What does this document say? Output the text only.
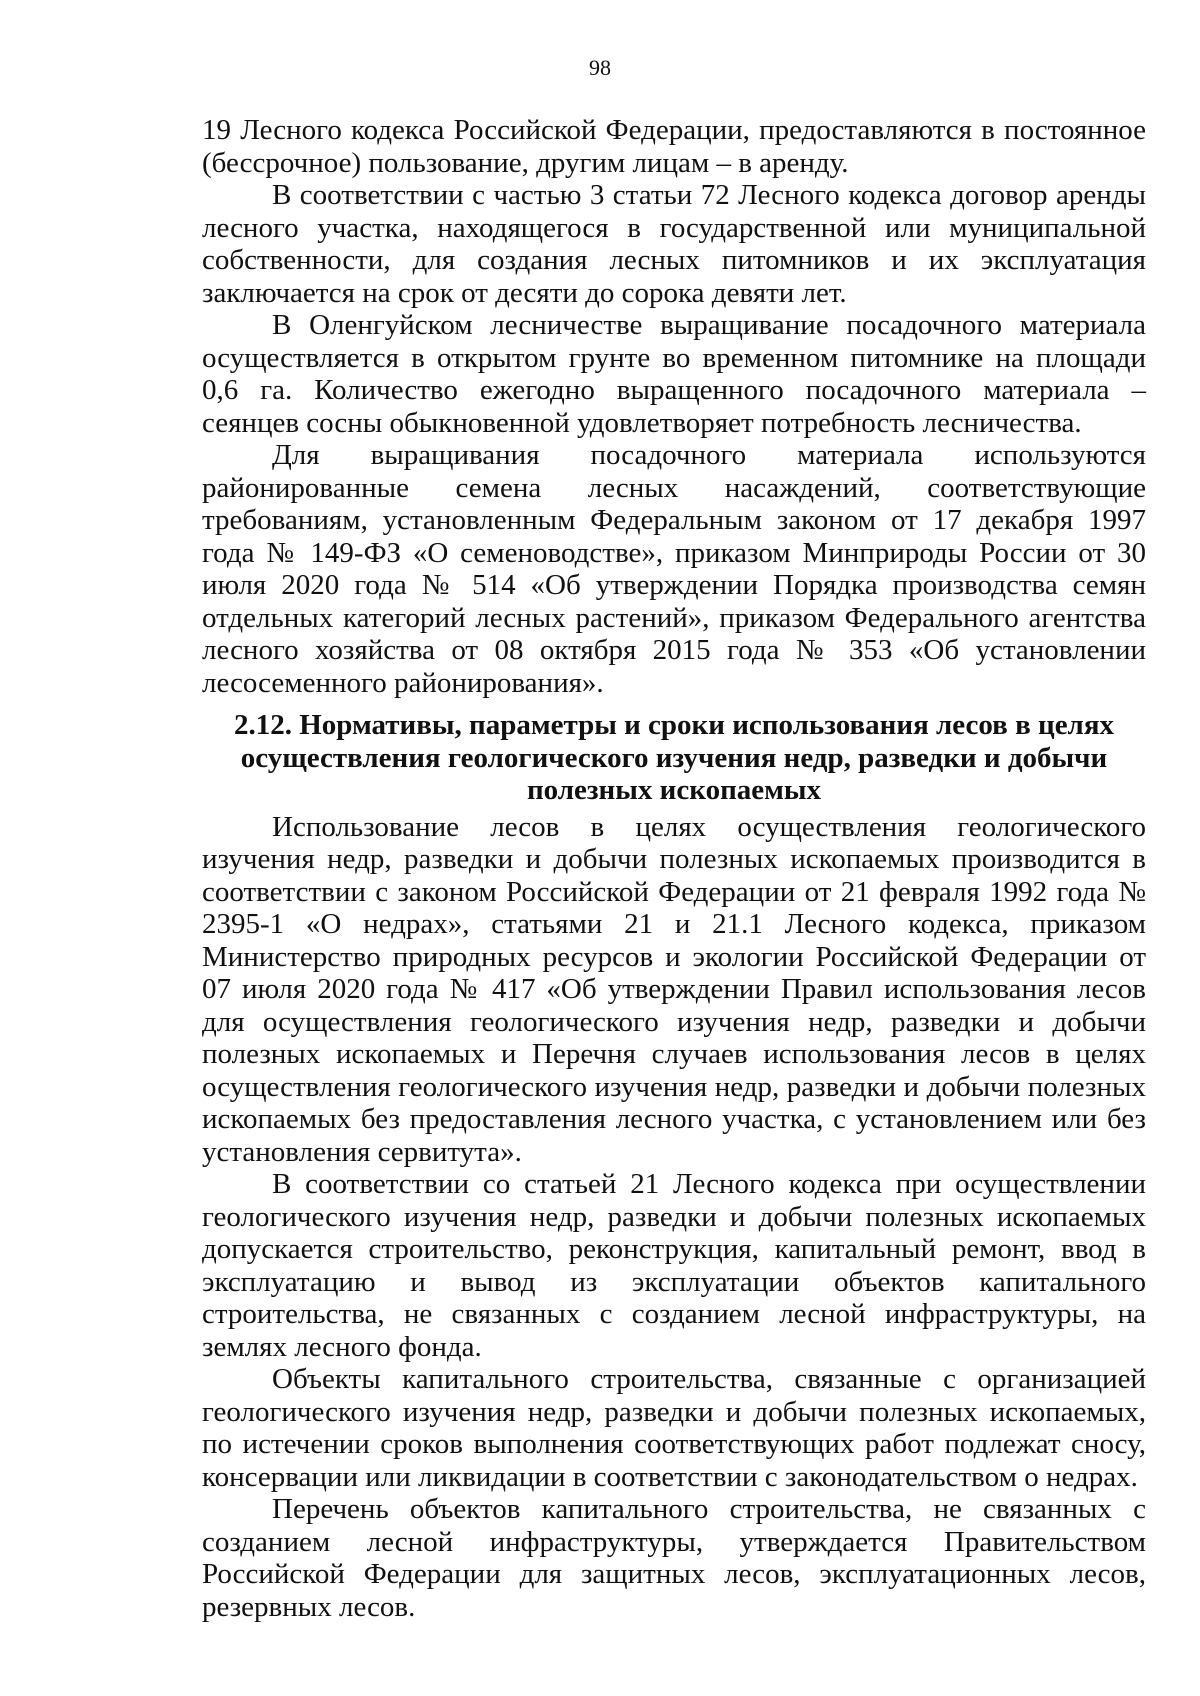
98

19 Лесного кодекса Российской Федерации, предоставляются в постоянное (бессрочное) пользование, другим лицам – в аренду.

В соответствии с частью 3 статьи 72 Лесного кодекса договор аренды лесного участка, находящегося в государственной или муниципальной собственности, для создания лесных питомников и их эксплуатация заключается на срок от десяти до сорока девяти лет.

В Оленгуйском лесничестве выращивание посадочного материала осуществляется в открытом грунте во временном питомнике на площади 0,6 га. Количество ежегодно выращенного посадочного материала – сеянцев сосны обыкновенной удовлетворяет потребность лесничества.

Для выращивания посадочного материала используются районированные семена лесных насаждений, соответствующие требованиям, установленным Федеральным законом от 17 декабря 1997 года № 149-ФЗ «О семеноводстве», приказом Минприроды России от 30 июля 2020 года № 514 «Об утверждении Порядка производства семян отдельных категорий лесных растений», приказом Федерального агентства лесного хозяйства от 08 октября 2015 года № 353 «Об установлении лесосеменного районирования».

2.12. Нормативы, параметры и сроки использования лесов в целях
осуществления геологического изучения недр, разведки и добычи
полезных ископаемых

Использование лесов в целях осуществления геологического изучения недр, разведки и добычи полезных ископаемых производится в соответствии с законом Российской Федерации от 21 февраля 1992 года № 2395-1 «О недрах», статьями 21 и 21.1 Лесного кодекса, приказом Министерство природных ресурсов и экологии Российской Федерации от 07 июля 2020 года № 417 «Об утверждении Правил использования лесов для осуществления геологического изучения недр, разведки и добычи полезных ископаемых и Перечня случаев использования лесов в целях осуществления геологического изучения недр, разведки и добычи полезных ископаемых без предоставления лесного участка, с установлением или без установления сервитута».

В соответствии со статьей 21 Лесного кодекса при осуществлении геологического изучения недр, разведки и добычи полезных ископаемых допускается строительство, реконструкция, капитальный ремонт, ввод в эксплуатацию и вывод из эксплуатации объектов капитального строительства, не связанных с созданием лесной инфраструктуры, на землях лесного фонда.

Объекты капитального строительства, связанные с организацией геологического изучения недр, разведки и добычи полезных ископаемых, по истечении сроков выполнения соответствующих работ подлежат сносу, консервации или ликвидации в соответствии с законодательством о недрах.

Перечень объектов капитального строительства, не связанных с созданием лесной инфраструктуры, утверждается Правительством Российской Федерации для защитных лесов, эксплуатационных лесов, резервных лесов.
